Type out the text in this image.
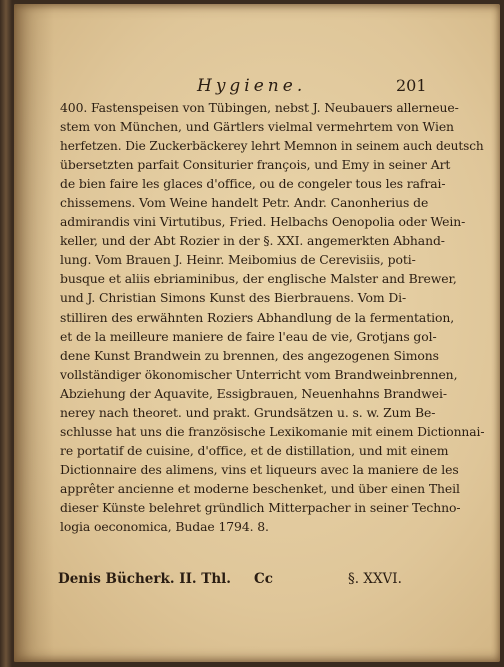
Hygiene.	201
400. Fastenspeisen von Tübingen, nebst J. Neubauers allerneue-
stem von München, und Gärtlers vielmal vermehrtem von Wien
herfetzen. Die Zuckerbäckerey lehrt Memnon in seinem auch deutsch
übersetzten parfait Consiturier françois, und Emy in seiner Art
de bien faire les glaces d'office, ou de congeler tous les rafrai-
chissemens. Vom Weine handelt Petr. Andr. Canonherius de
admirandis vini Virtutibus, Fried. Helbachs Oenopolia oder Wein-
keller, und der Abt Rozier in der §. XXI. angemerkten Abhand-
lung. Vom Brauen J. Heinr. Meibomius de Cerevisiis, poti-
busque et aliis ebriaminibus, der englische Malster and Brewer,
und J. Christian Simons Kunst des Bierbrauens. Vom Di-
stilliren des erwähnten Roziers Abhandlung de la fermentation,
et de la meilleure maniere de faire l'eau de vie, Grotjans gol-
dene Kunst Brandwein zu brennen, des angezogenen Simons
vollständiger ökonomischer Unterricht vom Brandweinbrennen,
Abziehung der Aquavite, Essigbrauen, Neuenhahns Brandwei-
nerey nach theoret. und prakt. Grundsätzen u. s. w. Zum Be-
schlusse hat uns die französische Lexikomanie mit einem Dictionnai-
re portatif de cuisine, d'office, et de distillation, und mit einem
Dictionnaire des alimens, vins et liqueurs avec la maniere de les
apprêter ancienne et moderne beschenket, und über einen Theil
dieser Künste belehret gründlich Mitterpacher in seiner Techno-
logia oeconomica, Budae 1794. 8.
Denis Bücherk. II. Thl. Cc	§. XXVI.
